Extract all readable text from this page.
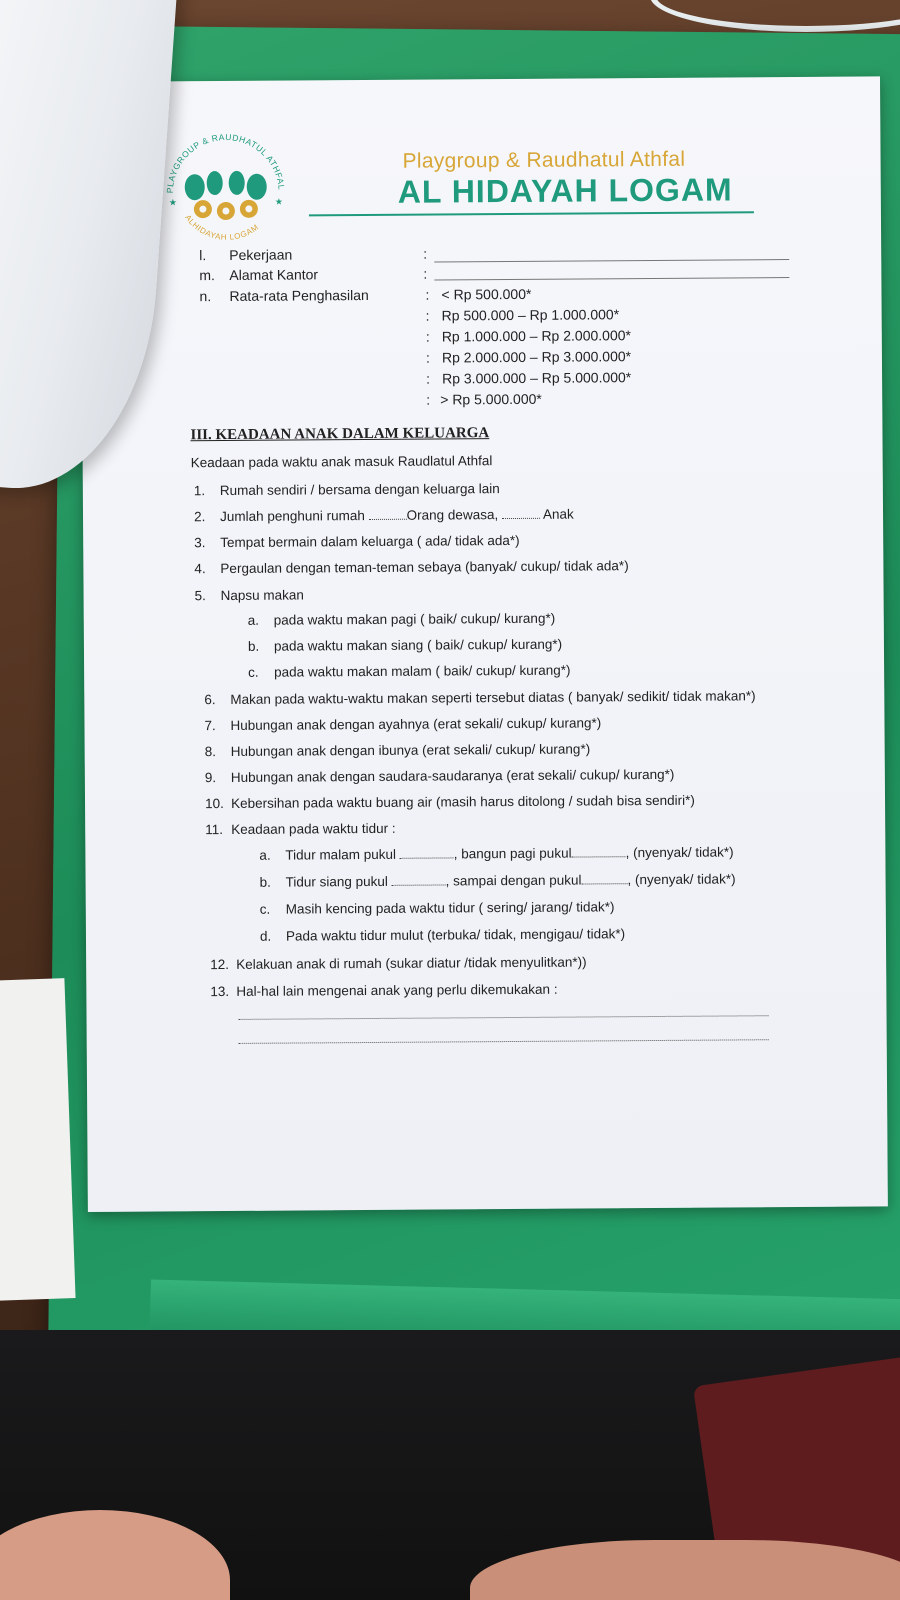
PLAYGROUP & RAUDHATUL ATHFAL
ALHIDAYAH LOGAM
★	★
Playgroup & Raudhatul Athfal
AL HIDAYAH LOGAM
l. Pekerjaan	:
m. Alamat Kantor	:
n. Rata-rata Penghasilan	: < Rp 500.000*
: Rp 500.000 – Rp 1.000.000*
: Rp 1.000.000 – Rp 2.000.000*
: Rp 2.000.000 – Rp 3.000.000*
: Rp 3.000.000 – Rp 5.000.000*
: > Rp 5.000.000*
III. KEADAAN ANAK DALAM KELUARGA
Keadaan pada waktu anak masuk Raudlatul Athfal
1. Rumah sendiri / bersama dengan keluarga lain
2. Jumlah penghuni rumah	Orang dewasa,	Anak
3. Tempat bermain dalam keluarga ( ada/ tidak ada*)
4. Pergaulan dengan teman-teman sebaya (banyak/ cukup/ tidak ada*)
5. Napsu makan
a. pada waktu makan pagi ( baik/ cukup/ kurang*)
b. pada waktu makan siang ( baik/ cukup/ kurang*)
c. pada waktu makan malam ( baik/ cukup/ kurang*)
6. Makan pada waktu-waktu makan seperti tersebut diatas ( banyak/ sedikit/ tidak makan*)
7. Hubungan anak dengan ayahnya (erat sekali/ cukup/ kurang*)
8. Hubungan anak dengan ibunya (erat sekali/ cukup/ kurang*)
9. Hubungan anak dengan saudara-saudaranya (erat sekali/ cukup/ kurang*)
10. Kebersihan pada waktu buang air (masih harus ditolong / sudah bisa sendiri*)
11. Keadaan pada waktu tidur :
a. Tidur malam pukul	, bangun pagi pukul	, (nyenyak/ tidak*)
b. Tidur siang pukul	, sampai dengan pukul	, (nyenyak/ tidak*)
c. Masih kencing pada waktu tidur ( sering/ jarang/ tidak*)
d. Pada waktu tidur mulut (terbuka/ tidak, mengigau/ tidak*)
12. Kelakuan anak di rumah (sukar diatur /tidak menyulitkan*))
13. Hal-hal lain mengenai anak yang perlu dikemukakan :
